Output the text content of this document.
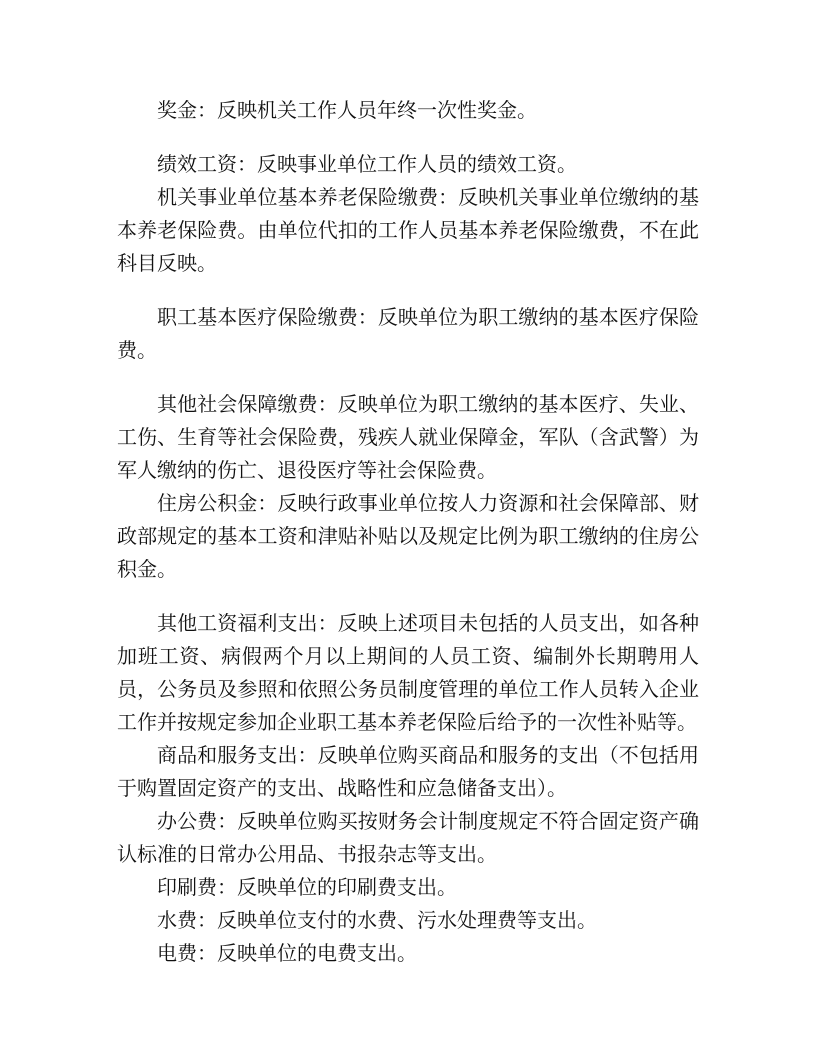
奖金：反映机关工作人员年终一次性奖金。

绩效工资：反映事业单位工作人员的绩效工资。

机关事业单位基本养老保险缴费：反映机关事业单位缴纳的基本养老保险费。由单位代扣的工作人员基本养老保险缴费，不在此科目反映。

职工基本医疗保险缴费：反映单位为职工缴纳的基本医疗保险费。

其他社会保障缴费：反映单位为职工缴纳的基本医疗、失业、工伤、生育等社会保险费，残疾人就业保障金，军队（含武警）为军人缴纳的伤亡、退役医疗等社会保险费。

住房公积金：反映行政事业单位按人力资源和社会保障部、财政部规定的基本工资和津贴补贴以及规定比例为职工缴纳的住房公积金。

其他工资福利支出：反映上述项目未包括的人员支出，如各种加班工资、病假两个月以上期间的人员工资、编制外长期聘用人员，公务员及参照和依照公务员制度管理的单位工作人员转入企业工作并按规定参加企业职工基本养老保险后给予的一次性补贴等。

商品和服务支出：反映单位购买商品和服务的支出（不包括用于购置固定资产的支出、战略性和应急储备支出）。

办公费：反映单位购买按财务会计制度规定不符合固定资产确认标准的日常办公用品、书报杂志等支出。

印刷费：反映单位的印刷费支出。

水费：反映单位支付的水费、污水处理费等支出。

电费：反映单位的电费支出。
